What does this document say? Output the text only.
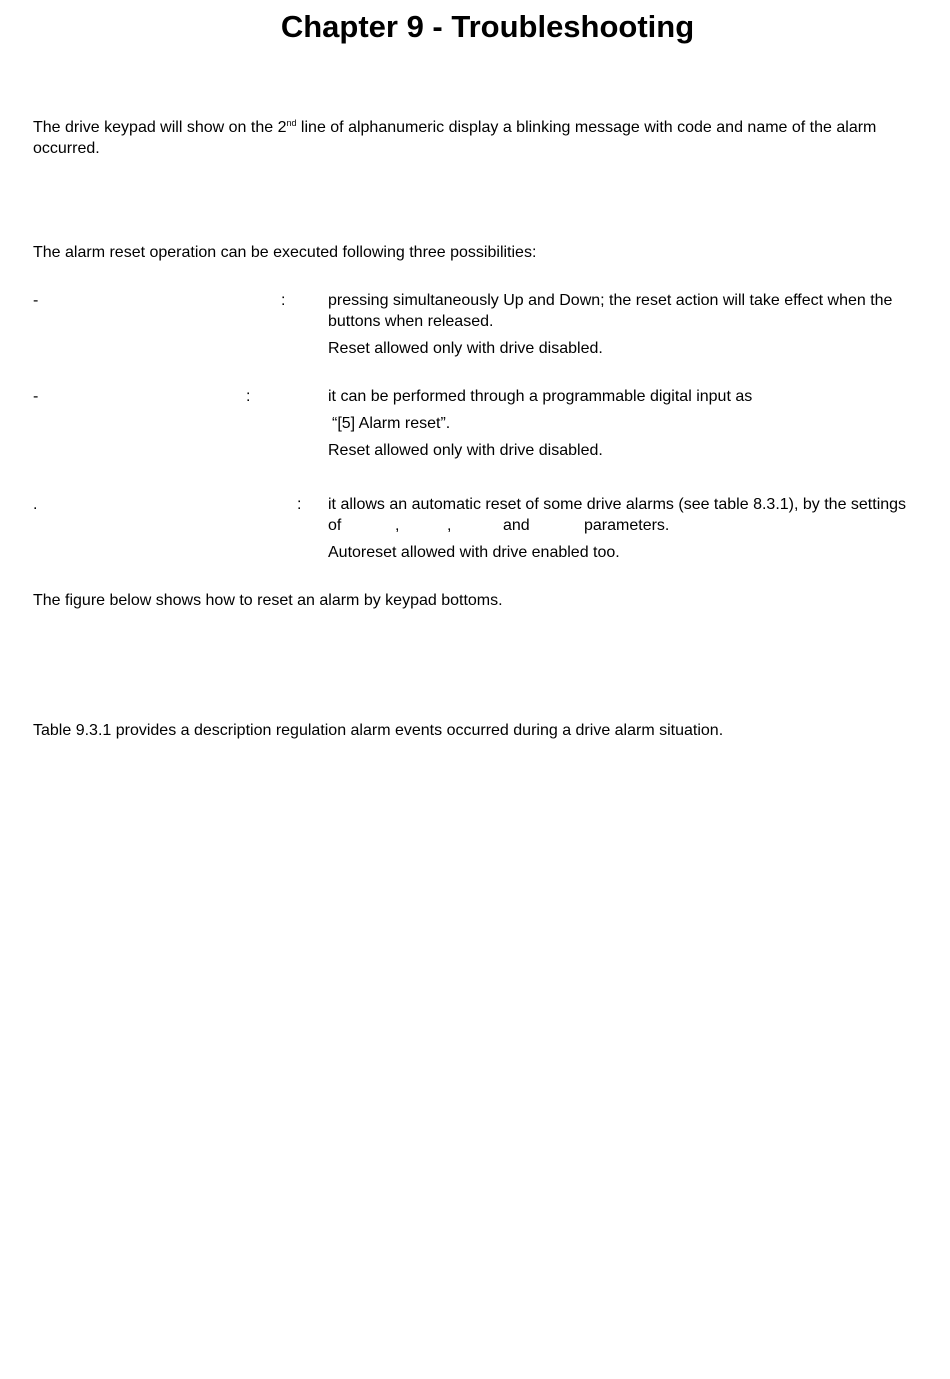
Chapter 9 - Troubleshooting
The drive keypad will show on the 2nd line of alphanumeric display a blinking message with code and name of the alarm
occurred.
The alarm reset operation can be executed following three possibilities:
-	:	pressing simultaneously Up and Down; the reset action will take effect when the
buttons when released.
Reset allowed only with drive disabled.
-	:	it can be performed through a programmable digital input as
“[5] Alarm reset”.
Reset allowed only with drive disabled.
.	: it allows an automatic reset of some drive alarms (see table 8.3.1), by the settings
of	,	,	and	parameters.
Autoreset allowed with drive enabled too.
The figure below shows how to reset an alarm by keypad bottoms.
Table 9.3.1 provides a description regulation alarm events occurred during a drive alarm situation.
